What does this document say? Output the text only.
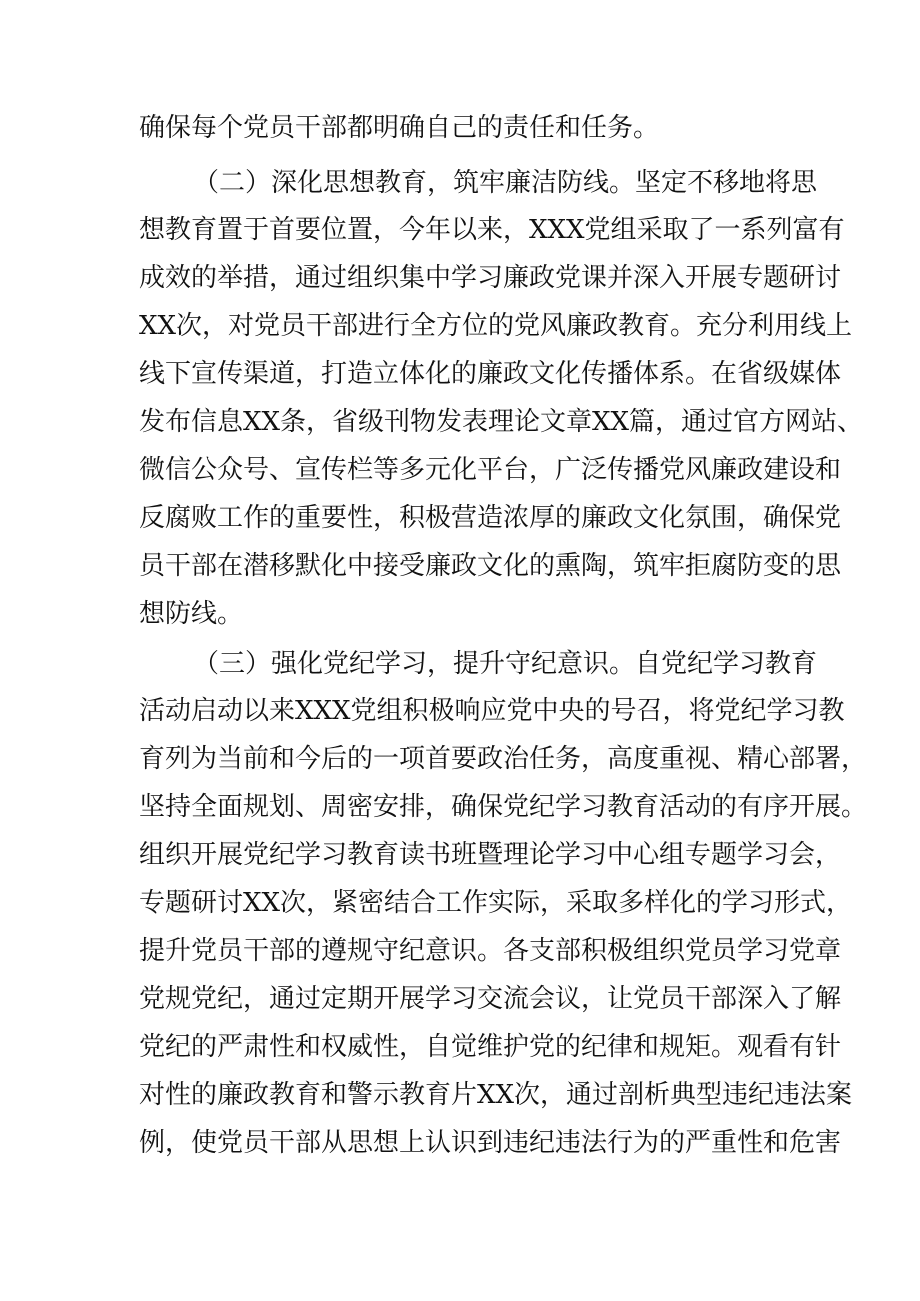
确保每个党员干部都明确自己的责任和任务。
（二）深化思想教育，筑牢廉洁防线。坚定不移地将思
想教育置于首要位置，今年以来，XXX党组采取了一系列富有
成效的举措，通过组织集中学习廉政党课并深入开展专题研讨
XX次，对党员干部进行全方位的党风廉政教育。充分利用线上
线下宣传渠道，打造立体化的廉政文化传播体系。在省级媒体
发布信息XX条，省级刊物发表理论文章XX篇，通过官方网站、
微信公众号、宣传栏等多元化平台，广泛传播党风廉政建设和
反腐败工作的重要性，积极营造浓厚的廉政文化氛围，确保党
员干部在潜移默化中接受廉政文化的熏陶，筑牢拒腐防变的思
想防线。
（三）强化党纪学习，提升守纪意识。自党纪学习教育
活动启动以来XXX党组积极响应党中央的号召，将党纪学习教
育列为当前和今后的一项首要政治任务，高度重视、精心部署，
坚持全面规划、周密安排，确保党纪学习教育活动的有序开展。
组织开展党纪学习教育读书班暨理论学习中心组专题学习会，
专题研讨XX次，紧密结合工作实际，采取多样化的学习形式，
提升党员干部的遵规守纪意识。各支部积极组织党员学习党章
党规党纪，通过定期开展学习交流会议，让党员干部深入了解
党纪的严肃性和权威性，自觉维护党的纪律和规矩。观看有针
对性的廉政教育和警示教育片XX次，通过剖析典型违纪违法案
例，使党员干部从思想上认识到违纪违法行为的严重性和危害
